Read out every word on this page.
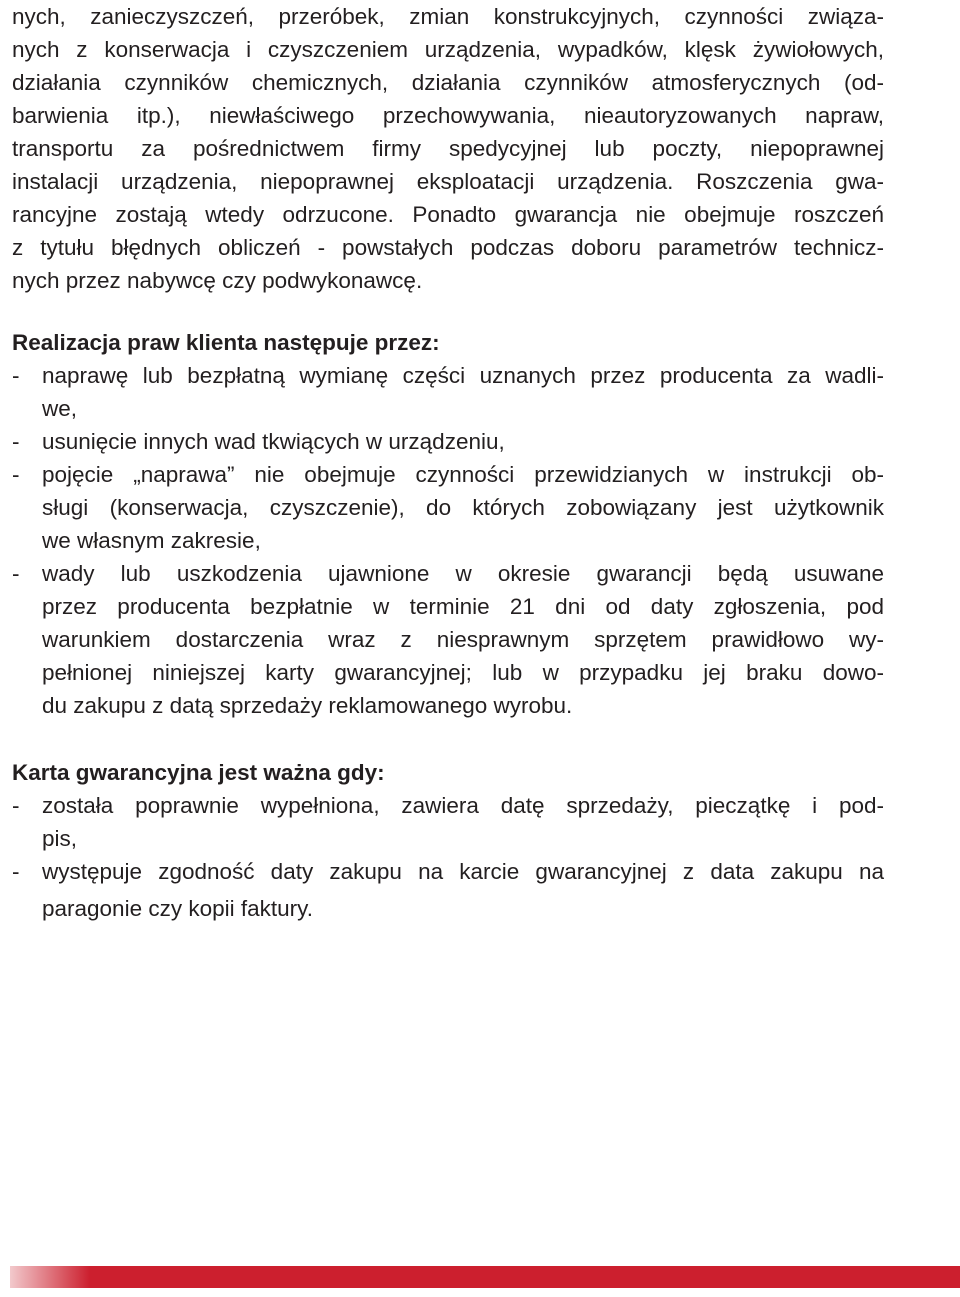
nych, zanieczyszczeń, przeróbek, zmian konstrukcyjnych, czynności związa-

nych z konserwacja i czyszczeniem urządzenia, wypadków, klęsk żywiołowych,

działania czynników chemicznych, działania czynników atmosferycznych (od-

barwienia itp.), niewłaściwego przechowywania, nieautoryzowanych napraw,

transportu za pośrednictwem firmy spedycyjnej lub poczty, niepoprawnej

instalacji urządzenia, niepoprawnej eksploatacji urządzenia. Roszczenia gwa-

rancyjne zostają wtedy odrzucone. Ponadto gwarancja nie obejmuje roszczeń

z tytułu błędnych obliczeń - powstałych podczas doboru parametrów technicz-

nych przez nabywcę czy podwykonawcę.

Realizacja praw klienta następuje przez:

- naprawę lub bezpłatną wymianę części uznanych przez producenta za wadli-

we,

- usunięcie innych wad tkwiących w urządzeniu,

- pojęcie „naprawa” nie obejmuje czynności przewidzianych w instrukcji ob-

sługi (konserwacja, czyszczenie), do których zobowiązany jest użytkownik

we własnym zakresie,

- wady lub uszkodzenia ujawnione w okresie gwarancji będą usuwane

przez producenta bezpłatnie w terminie 21 dni od daty zgłoszenia, pod

warunkiem dostarczenia wraz z niesprawnym sprzętem prawidłowo wy-

pełnionej niniejszej karty gwarancyjnej; lub w przypadku jej braku dowo-

du zakupu z datą sprzedaży reklamowanego wyrobu.

Karta gwarancyjna jest ważna gdy:

- została poprawnie wypełniona, zawiera datę sprzedaży, pieczątkę i pod-

pis,

- występuje zgodność daty zakupu na karcie gwarancyjnej z data zakupu na

paragonie czy kopii faktury.
